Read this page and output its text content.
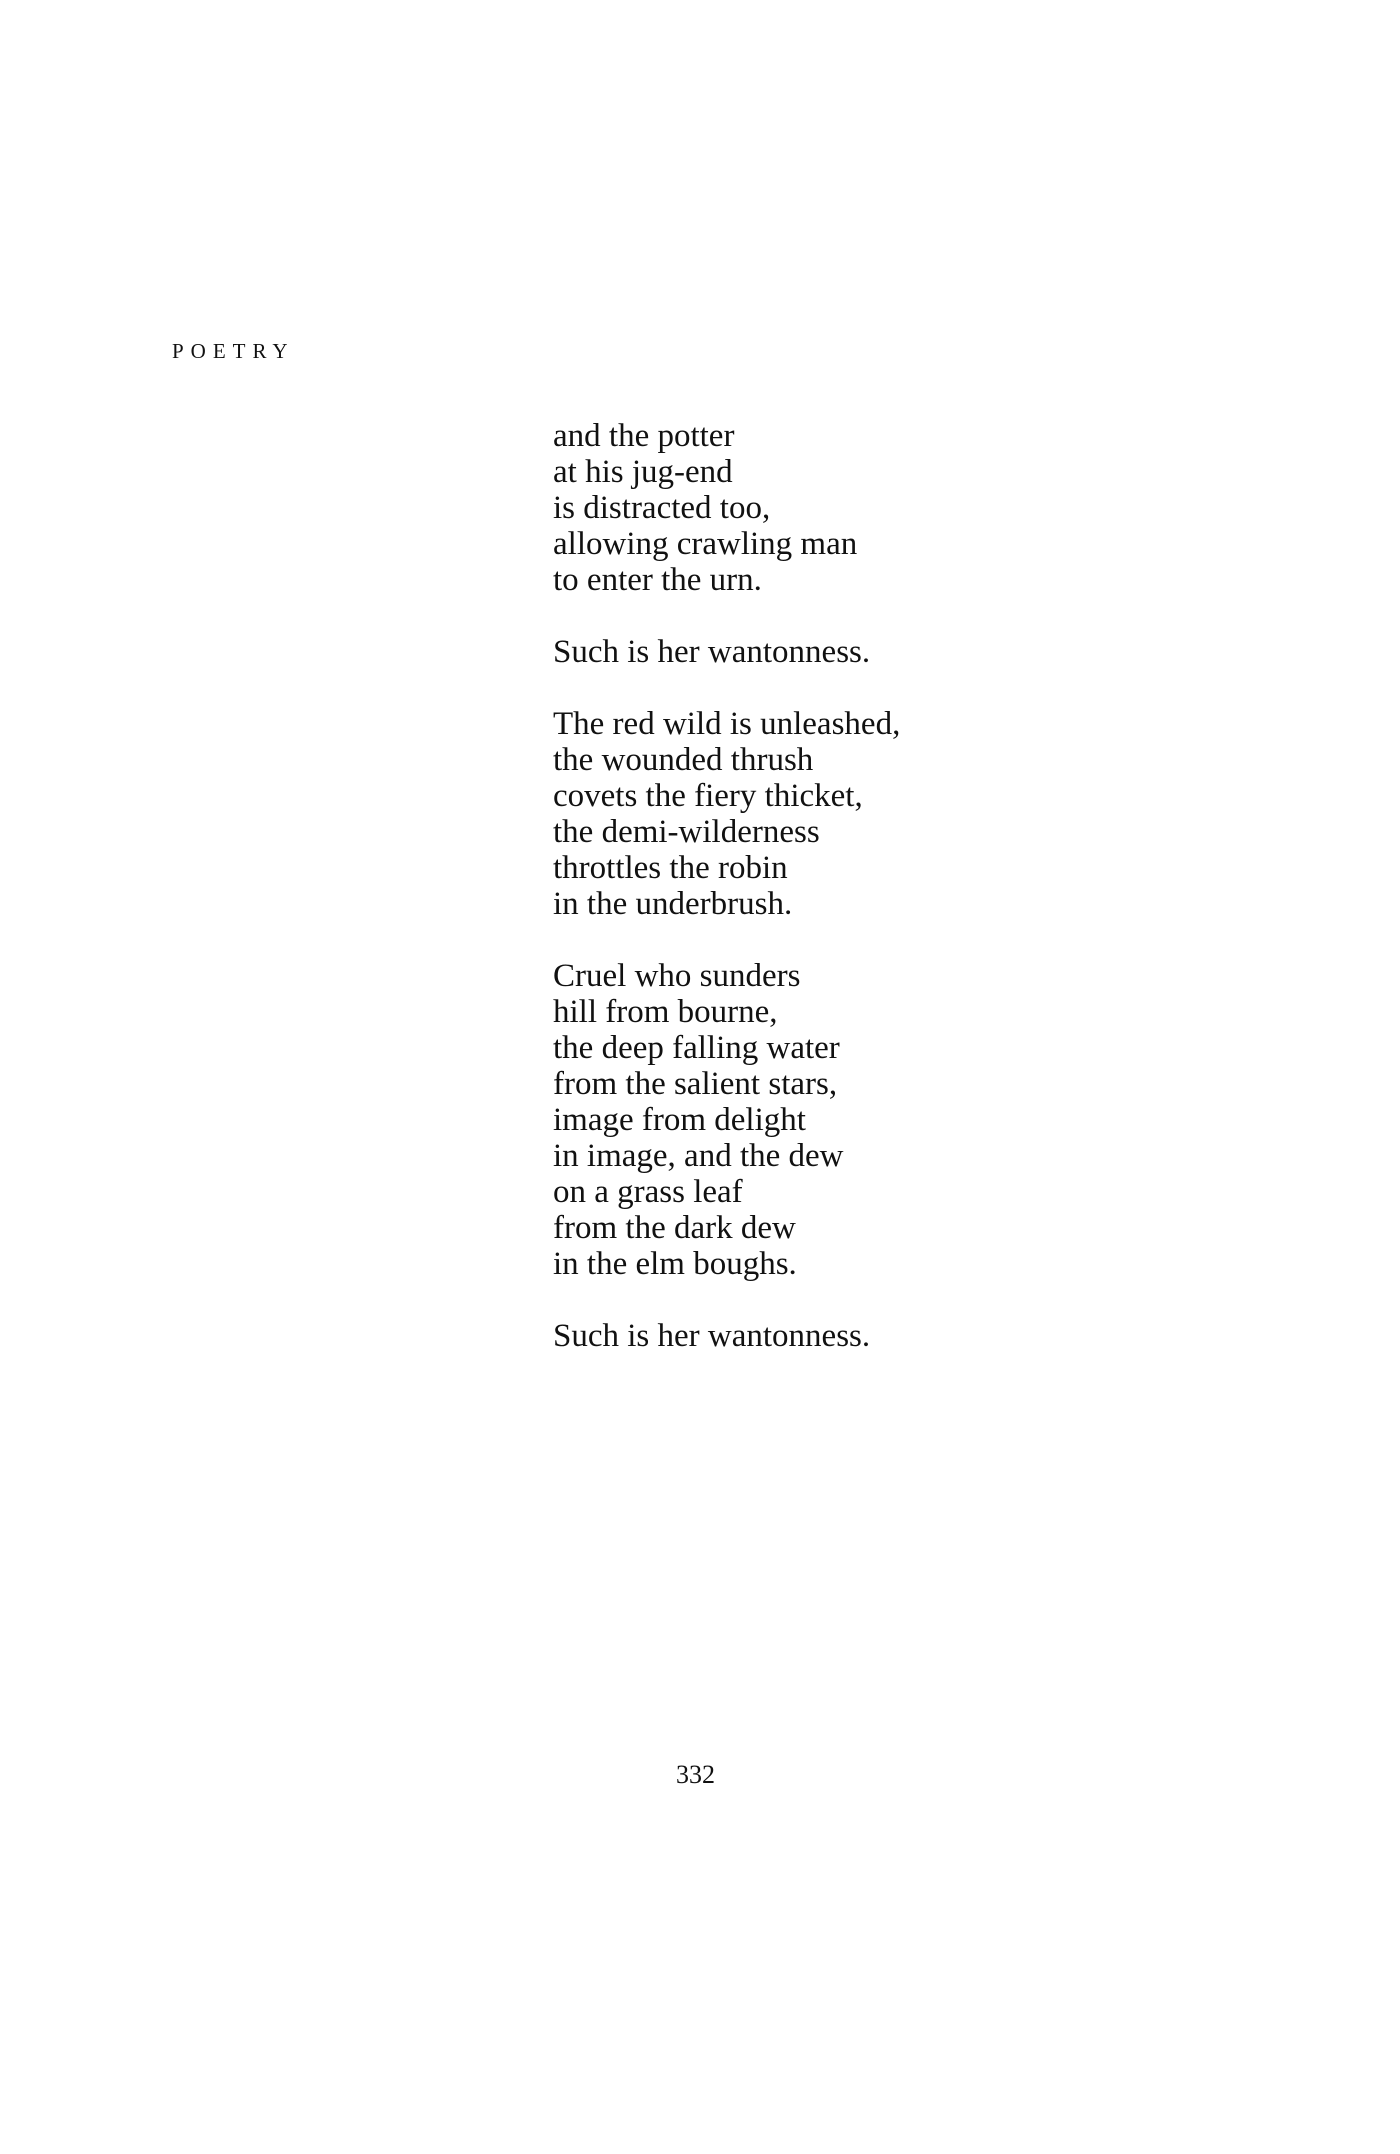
POETRY
and the potter
at his jug-end
is distracted too,
allowing crawling man
to enter the urn.
Such is her wantonness.
The red wild is unleashed,
the wounded thrush
covets the fiery thicket,
the demi-wilderness
throttles the robin
in the underbrush.
Cruel who sunders
hill from bourne,
the deep falling water
from the salient stars,
image from delight
in image, and the dew
on a grass leaf
from the dark dew
in the elm boughs.
Such is her wantonness.
332
